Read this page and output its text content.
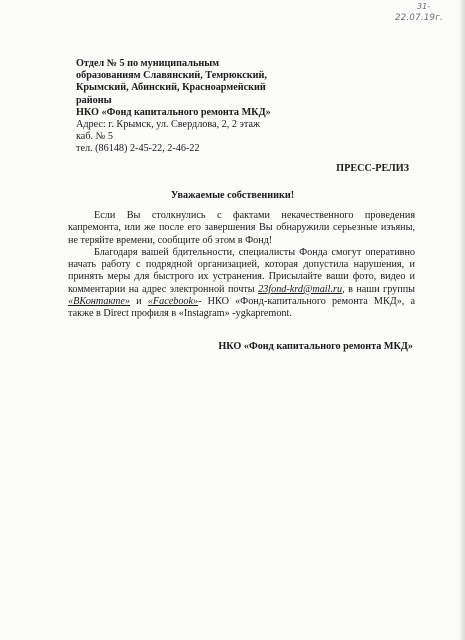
31-
22.07.19г.
Отдел № 5 по муниципальным
образованиям Славянский, Темрюкский,
Крымский, Абинский, Красноармейский
районы
НКО «Фонд капитального ремонта МКД»
Адрес: г. Крымск, ул. Свердлова, 2, 2 этаж
каб. № 5
тел. (86148) 2-45-22, 2-46-22
ПРЕСС-РЕЛИЗ
Уважаемые собственники!

Если Вы столкнулись с фактами некачественного проведения капремонта, или же после его завершения Вы обнаружили серьезные изъяны, не теряйте времени, сообщите об этом в Фонд!

Благодаря вашей бдительности, специалисты Фонда смогут оперативно начать работу с подрядной организацией, которая допустила нарушения, и принять меры для быстрого их устранения. Присылайте ваши фото, видео и комментарии на адрес электронной почты 23fond-krd@mail.ru, в наши группы «ВКонтакте» и «Facebook»- НКО «Фонд-капитального ремонта МКД», а также в Direct профиля в «Instagram» -ygkapremont.

НКО «Фонд капитального ремонта МКД»
